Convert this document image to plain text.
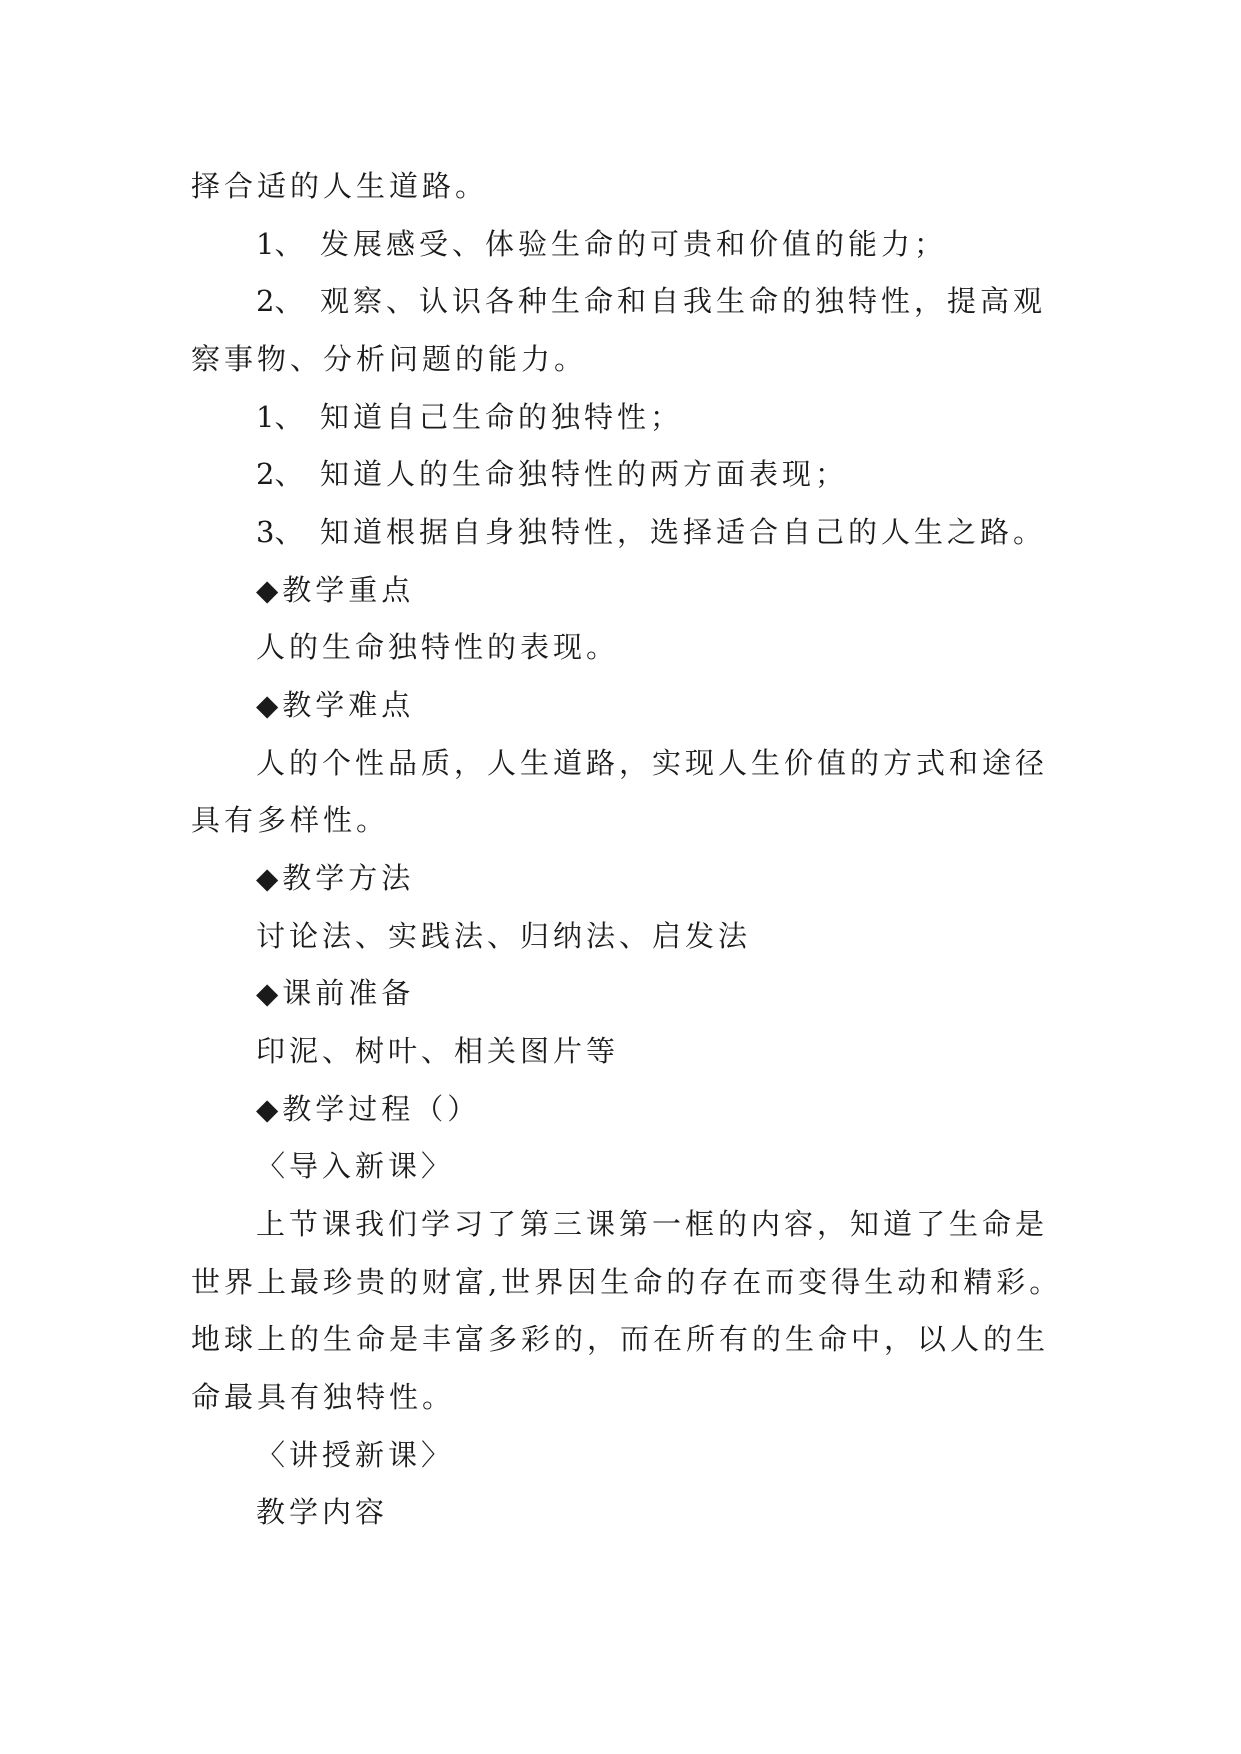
择合适的人生道路。

1、 发展感受、体验生命的可贵和价值的能力；

2、 观察、认识各种生命和自我生命的独特性，提高观

察事物、分析问题的能力。

1、 知道自己生命的独特性；

2、 知道人的生命独特性的两方面表现；

3、 知道根据自身独特性，选择适合自己的人生之路。

◆教学重点

人的生命独特性的表现。

◆教学难点

人的个性品质，人生道路，实现人生价值的方式和途径

具有多样性。

◆教学方法

讨论法、实践法、归纳法、启发法

◆课前准备

印泥、树叶、相关图片等

◆教学过程（）

〈导入新课〉

上节课我们学习了第三课第一框的内容，知道了生命是

世界上最珍贵的财富,世界因生命的存在而变得生动和精彩。

地球上的生命是丰富多彩的，而在所有的生命中，以人的生

命最具有独特性。

〈讲授新课〉

教学内容
